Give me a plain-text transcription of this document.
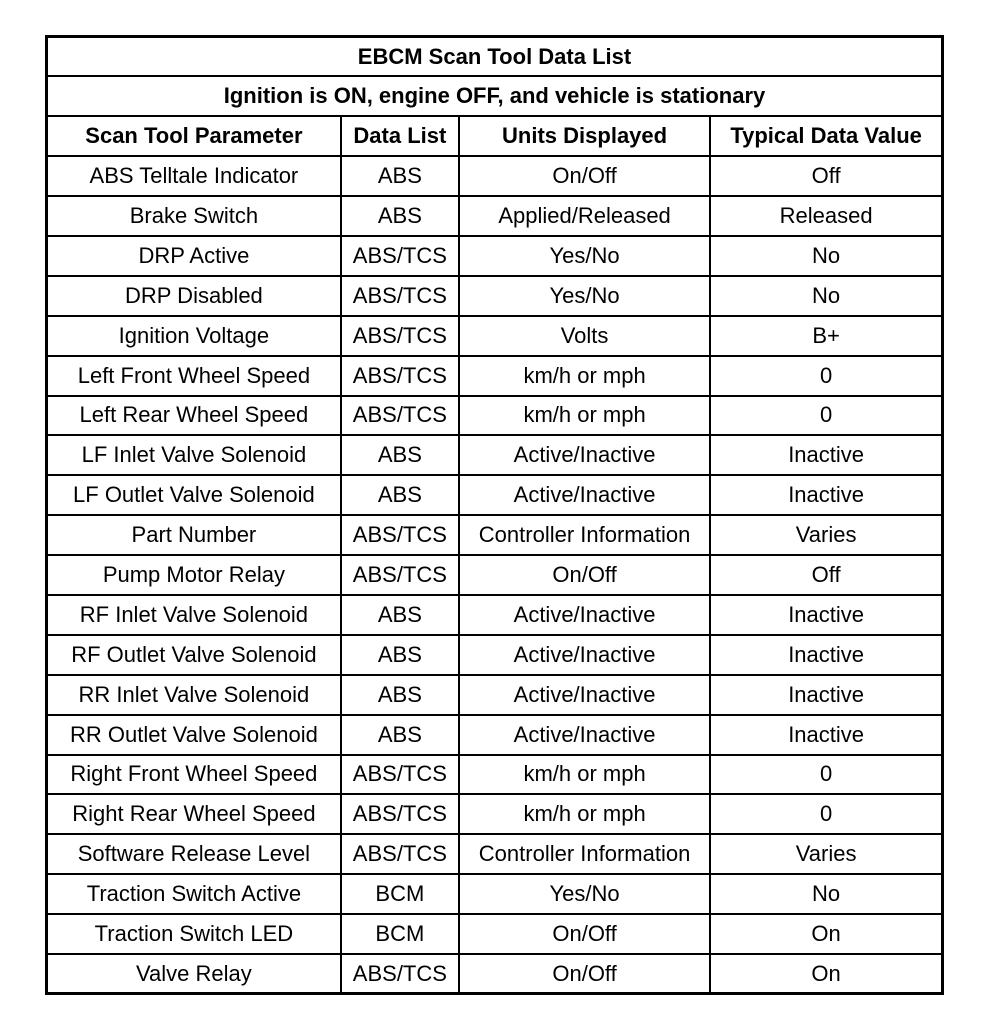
EBCM Scan Tool Data List			
Ignition is ON, engine OFF, and vehicle is stationary			
Scan Tool Parameter	Data List	Units Displayed	Typical Data Value
ABS Telltale Indicator	ABS	On/Off	Off
Brake Switch	ABS	Applied/Released	Released
DRP Active	ABS/TCS	Yes/No	No
DRP Disabled	ABS/TCS	Yes/No	No
Ignition Voltage	ABS/TCS	Volts	B+
Left Front Wheel Speed	ABS/TCS	km/h or mph	0
Left Rear Wheel Speed	ABS/TCS	km/h or mph	0
LF Inlet Valve Solenoid	ABS	Active/Inactive	Inactive
LF Outlet Valve Solenoid	ABS	Active/Inactive	Inactive
Part Number	ABS/TCS	Controller Information	Varies
Pump Motor Relay	ABS/TCS	On/Off	Off
RF Inlet Valve Solenoid	ABS	Active/Inactive	Inactive
RF Outlet Valve Solenoid	ABS	Active/Inactive	Inactive
RR Inlet Valve Solenoid	ABS	Active/Inactive	Inactive
RR Outlet Valve Solenoid	ABS	Active/Inactive	Inactive
Right Front Wheel Speed	ABS/TCS	km/h or mph	0
Right Rear Wheel Speed	ABS/TCS	km/h or mph	0
Software Release Level	ABS/TCS	Controller Information	Varies
Traction Switch Active	BCM	Yes/No	No
Traction Switch LED	BCM	On/Off	On
Valve Relay	ABS/TCS	On/Off	On
